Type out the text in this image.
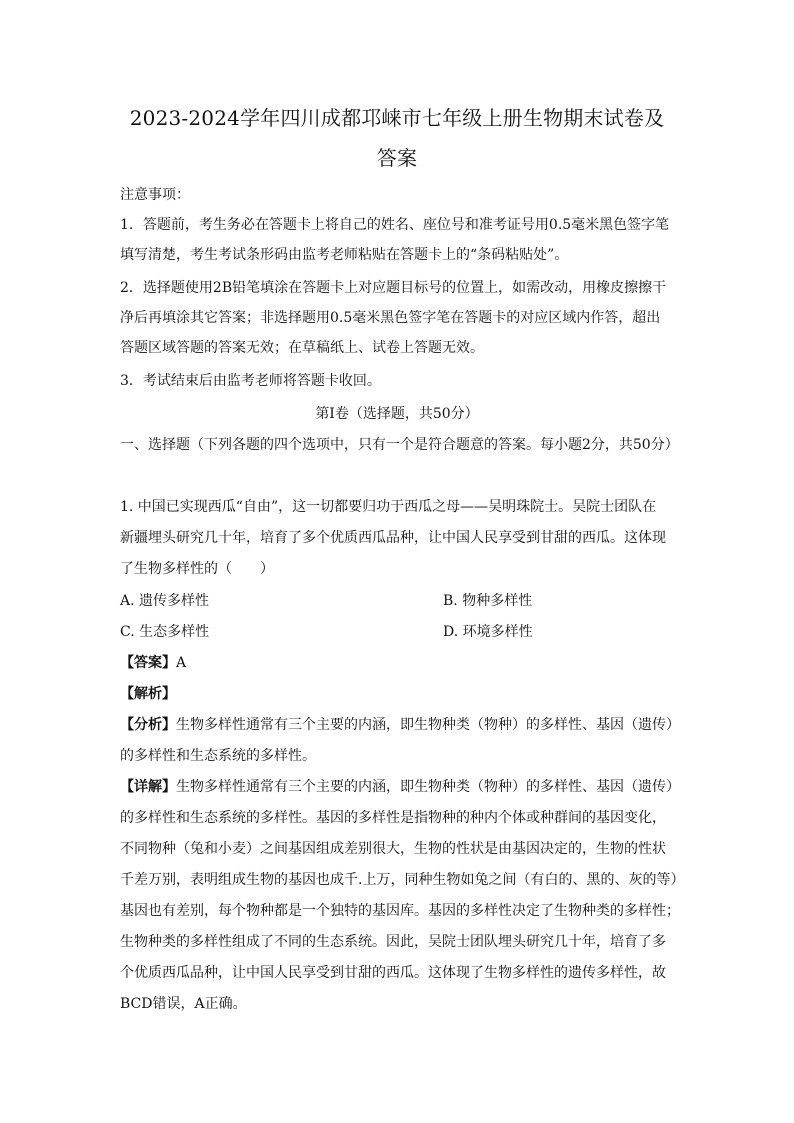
2023-2024学年四川成都邛崃市七年级上册生物期末试卷及
答案
注意事项：
1．答题前，考生务必在答题卡上将自己的姓名、座位号和准考证号用0.5毫米黑色签字笔
填写清楚，考生考试条形码由监考老师粘贴在答题卡上的“条码粘贴处”。
2．选择题使用2B铅笔填涂在答题卡上对应题目标号的位置上，如需改动，用橡皮擦擦干
净后再填涂其它答案；非选择题用0.5毫米黑色签字笔在答题卡的对应区域内作答，超出
答题区域答题的答案无效；在草稿纸上、试卷上答题无效。
3．考试结束后由监考老师将答题卡收回。
第Ⅰ卷（选择题，共50分）
一、选择题（下列各题的四个选项中，只有一个是符合题意的答案。每小题2分，共50分）
1. 中国已实现西瓜“自由”，这一切都要归功于西瓜之母——吴明珠院士。吴院士团队在
新疆埋头研究几十年，培育了多个优质西瓜品种，让中国人民享受到甘甜的西瓜。这体现
了生物多样性的（　　）
A. 遗传多样性	B. 物种多样性
C. 生态多样性	D. 环境多样性
【答案】A
【解析】
【分析】生物多样性通常有三个主要的内涵，即生物种类（物种）的多样性、基因（遗传）
的多样性和生态系统的多样性。
【详解】生物多样性通常有三个主要的内涵，即生物种类（物种）的多样性、基因（遗传）
的多样性和生态系统的多样性。基因的多样性是指物种的种内个体或种群间的基因变化，
不同物种（兔和小麦）之间基因组成差别很大，生物的性状是由基因决定的，生物的性状
千差万别，表明组成生物的基因也成千.上万，同种生物如兔之间（有白的、黑的、灰的等）
基因也有差别，每个物种都是一个独特的基因库。基因的多样性决定了生物种类的多样性；
生物种类的多样性组成了不同的生态系统。因此，吴院士团队埋头研究几十年，培育了多
个优质西瓜品种，让中国人民享受到甘甜的西瓜。这体现了生物多样性的遗传多样性，故
BCD错误，A正确。
